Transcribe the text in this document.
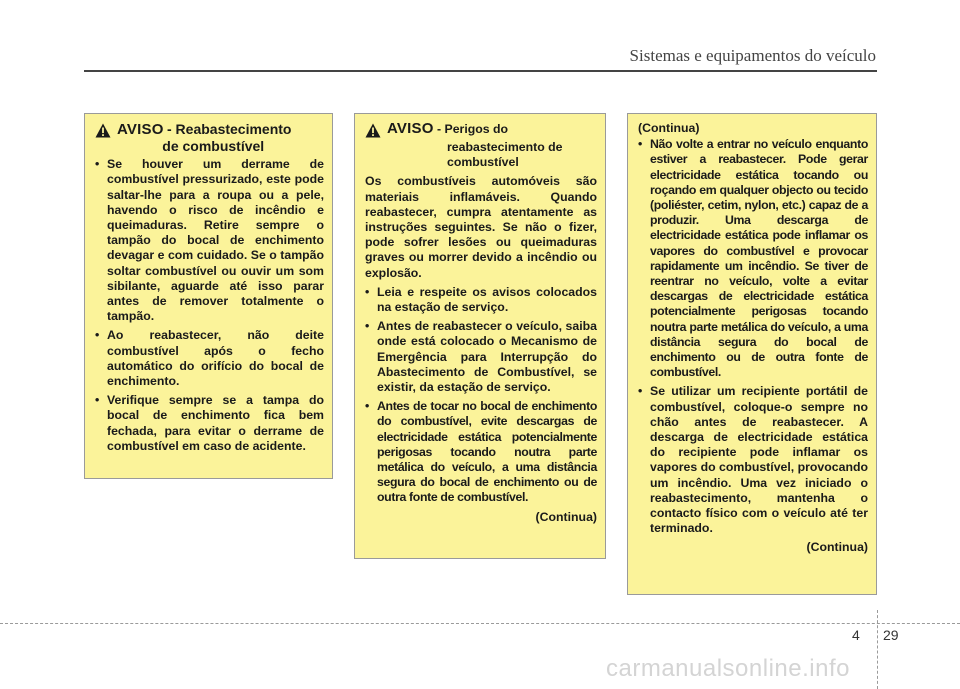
Sistemas e equipamentos do veículo
AVISO - Reabastecimento
de combustível
• Se houver um derrame de combustível pressurizado, este pode saltar-lhe para a roupa ou a pele, havendo o risco de incêndio e queimaduras. Retire sempre o tampão do bocal de enchimento devagar e com cuidado. Se o tampão soltar combustível ou ouvir um som sibilante, aguarde até isso parar antes de remover totalmente o tampão.
• Ao reabastecer, não deite combustível após o fecho automático do orifício do bocal de enchimento.
• Verifique sempre se a tampa do bocal de enchimento fica bem fechada, para evitar o derrame de combustível em caso de acidente.
AVISO - Perigos do
reabastecimento de
combustível

Os combustíveis automóveis são materiais inflamáveis. Quando reabastecer, cumpra atentamente as instruções seguintes. Se não o fizer, pode sofrer lesões ou queimaduras graves ou morrer devido a incêndio ou explosão.

• Leia e respeite os avisos colocados na estação de serviço.
• Antes de reabastecer o veículo, saiba onde está colocado o Mecanismo de Emergência para Interrupção do Abastecimento de Combustível, se existir, da estação de serviço.
• Antes de tocar no bocal de enchimento do combustível, evite descargas de electricidade estática potencialmente perigosas tocando noutra parte metálica do veículo, a uma distância segura do bocal de enchimento ou de outra fonte de combustível.
(Continua)
(Continua)
• Não volte a entrar no veículo enquanto estiver a reabastecer. Pode gerar electricidade estática tocando ou roçando em qualquer objecto ou tecido (poliéster, cetim, nylon, etc.) capaz de a produzir. Uma descarga de electricidade estática pode inflamar os vapores do combustível e provocar rapidamente um incêndio. Se tiver de reentrar no veículo, volte a evitar descargas de electricidade estática potencialmente perigosas tocando noutra parte metálica do veículo, a uma distância segura do bocal de enchimento ou de outra fonte de combustível.
• Se utilizar um recipiente portátil de combustível, coloque-o sempre no chão antes de reabastecer. A descarga de electricidade estática do recipiente pode inflamar os vapores do combustível, provocando um incêndio. Uma vez iniciado o reabastecimento, mantenha o contacto físico com o veículo até ter terminado.
(Continua)
4 29
carmanualsonline.info
